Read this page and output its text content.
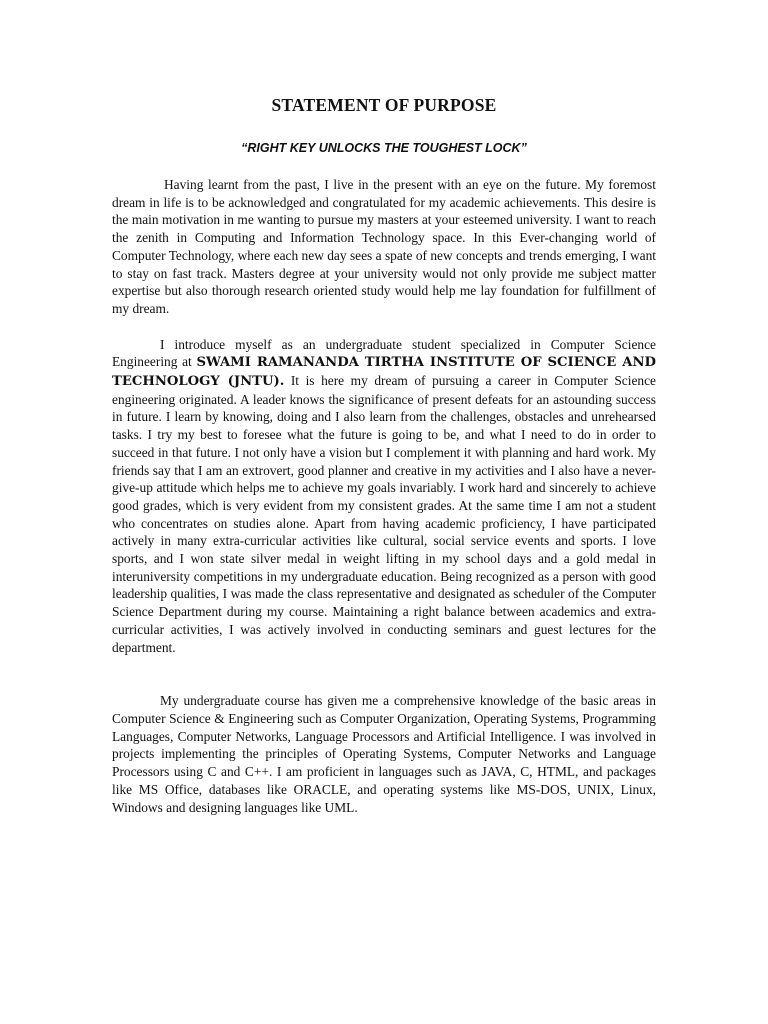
STATEMENT OF PURPOSE

“RIGHT KEY UNLOCKS THE TOUGHEST LOCK”

Having learnt from the past, I live in the present with an eye on the future. My foremost dream in life is to be acknowledged and congratulated for my academic achievements. This desire is the main motivation in me wanting to pursue my masters at your esteemed university. I want to reach the zenith in Computing and Information Technology space. In this Ever-changing world of Computer Technology, where each new day sees a spate of new concepts and trends emerging, I want to stay on fast track. Masters degree at your university would not only provide me subject matter expertise but also thorough research oriented study would help me lay foundation for fulfillment of my dream.

I introduce myself as an undergraduate student specialized in Computer Science Engineering at SWAMI RAMANANDA TIRTHA INSTITUTE OF SCIENCE AND TECHNOLOGY (JNTU). It is here my dream of pursuing a career in Computer Science engineering originated. A leader knows the significance of present defeats for an astounding success in future. I learn by knowing, doing and I also learn from the challenges, obstacles and unrehearsed tasks. I try my best to foresee what the future is going to be, and what I need to do in order to succeed in that future. I not only have a vision but I complement it with planning and hard work. My friends say that I am an extrovert, good planner and creative in my activities and I also have a never-give-up attitude which helps me to achieve my goals invariably. I work hard and sincerely to achieve good grades, which is very evident from my consistent grades. At the same time I am not a student who concentrates on studies alone. Apart from having academic proficiency, I have participated actively in many extra-curricular activities like cultural, social service events and sports. I love sports, and I won state silver medal in weight lifting in my school days and a gold medal in interuniversity competitions in my undergraduate education. Being recognized as a person with good leadership qualities, I was made the class representative and designated as scheduler of the Computer Science Department during my course. Maintaining a right balance between academics and extra-curricular activities, I was actively involved in conducting seminars and guest lectures for the department.

My undergraduate course has given me a comprehensive knowledge of the basic areas in Computer Science & Engineering such as Computer Organization, Operating Systems, Programming Languages, Computer Networks, Language Processors and Artificial Intelligence. I was involved in projects implementing the principles of Operating Systems, Computer Networks and Language Processors using C and C++. I am proficient in languages such as JAVA, C, HTML, and packages like MS Office, databases like ORACLE, and operating systems like MS-DOS, UNIX, Linux, Windows and designing languages like UML.
